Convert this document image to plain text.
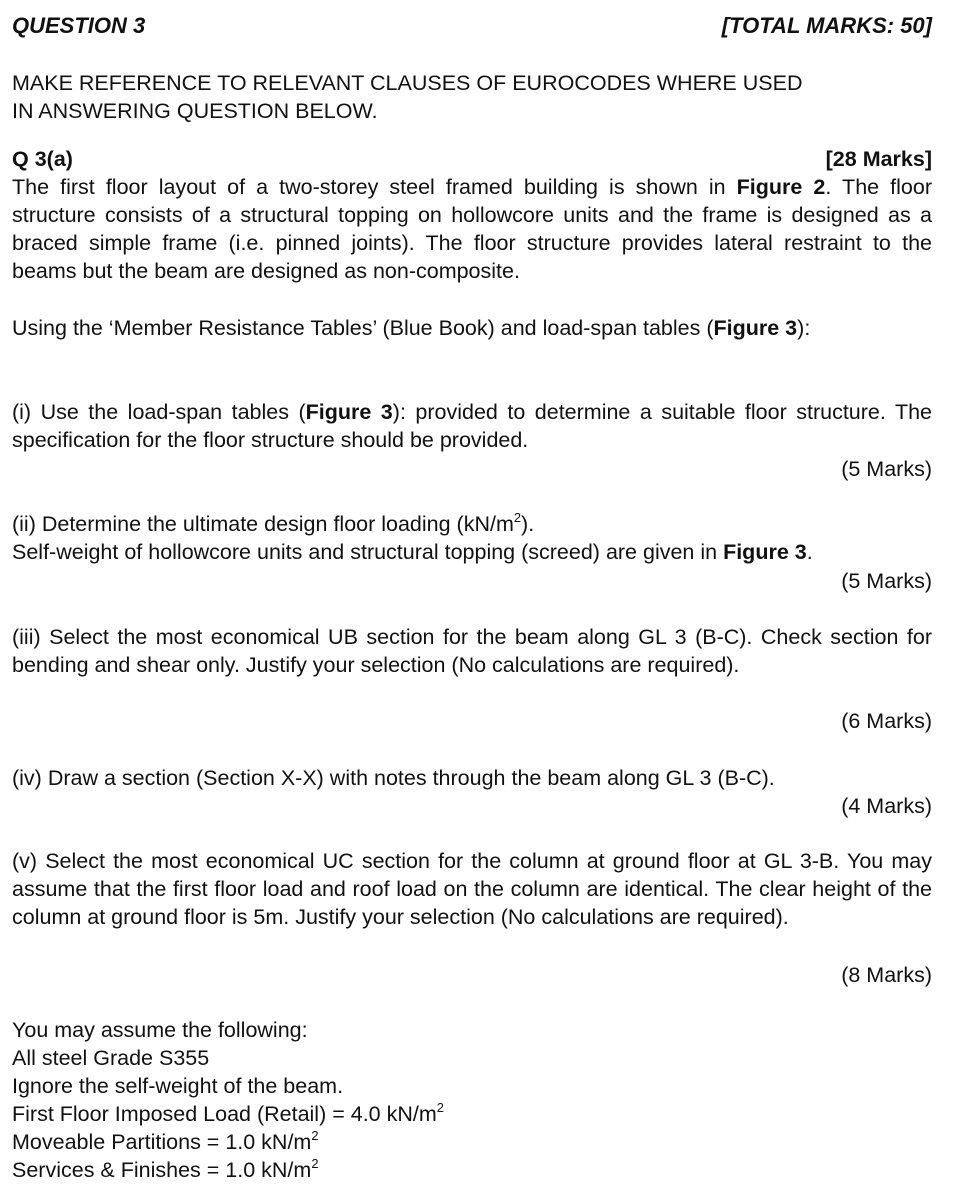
QUESTION 3	[TOTAL MARKS: 50]
MAKE REFERENCE TO RELEVANT CLAUSES OF EUROCODES WHERE USED
IN ANSWERING QUESTION BELOW.
Q 3(a)	[28 Marks]

The first floor layout of a two-storey steel framed building is shown in Figure 2. The floor structure consists of a structural topping on hollowcore units and the frame is designed as a braced simple frame (i.e. pinned joints). The floor structure provides lateral restraint to the beams but the beam are designed as non-composite.

Using the ‘Member Resistance Tables’ (Blue Book) and load-span tables (Figure 3):

(i) Use the load-span tables (Figure 3): provided to determine a suitable floor structure. The specification for the floor structure should be provided.

(5 Marks)
(ii) Determine the ultimate design floor loading $(kN/m^2)$.
Self-weight of hollowcore units and structural topping (screed) are given in Figure 3.
(5 Marks)

(iii) Select the most economical UB section for the beam along GL 3 (B-C). Check section for bending and shear only. Justify your selection (No calculations are required).

(6 Marks)

(iv) Draw a section (Section X-X) with notes through the beam along GL 3 (B-C).

(4 Marks)

(v) Select the most economical UC section for the column at ground floor at GL 3-B. You may assume that the first floor load and roof load on the column are identical. The clear height of the column at ground floor is 5m. Justify your selection (No calculations are required).

(8 Marks)
You may assume the following:
All steel Grade S355
Ignore the self-weight of the beam.
First Floor Imposed Load (Retail) = 4.0 $kN/m^2$
Moveable Partitions = 1.0 $kN/m^2$
Services & Finishes = 1.0 $kN/m^2$
